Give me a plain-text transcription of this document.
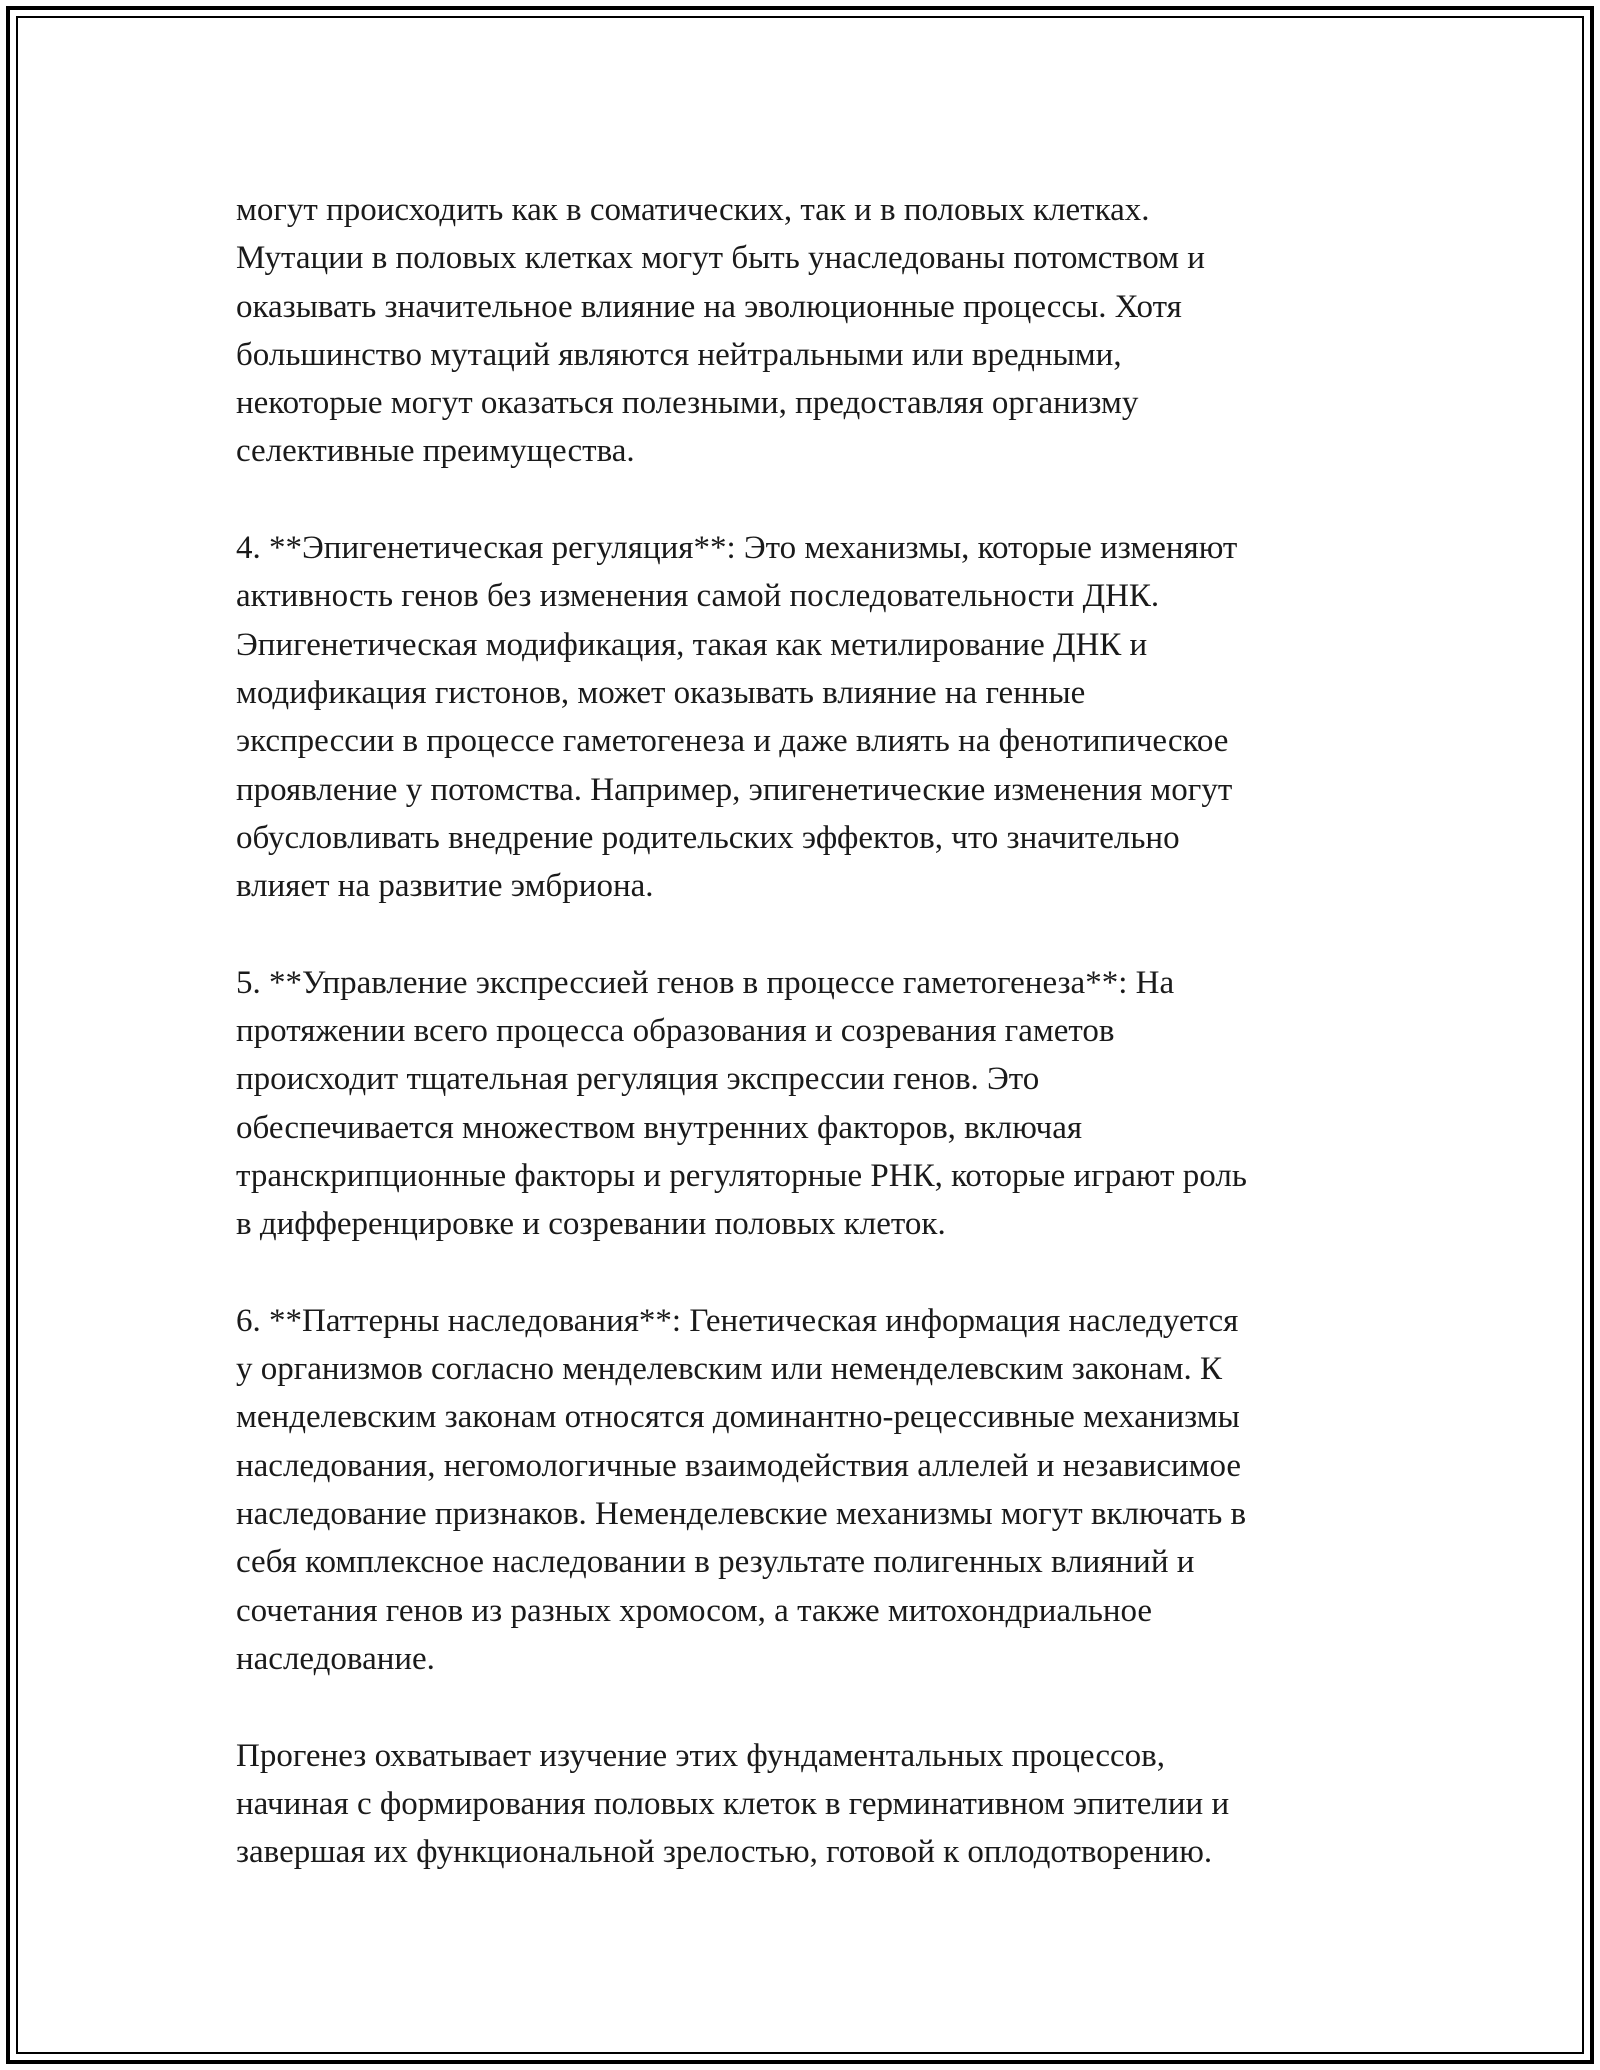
могут происходить как в соматических, так и в половых клетках.
Мутации в половых клетках могут быть унаследованы потомством и
оказывать значительное влияние на эволюционные процессы. Хотя
большинство мутаций являются нейтральными или вредными,
некоторые могут оказаться полезными, предоставляя организму
селективные преимущества.

4. **Эпигенетическая регуляция**: Это механизмы, которые изменяют
активность генов без изменения самой последовательности ДНК.
Эпигенетическая модификация, такая как метилирование ДНК и
модификация гистонов, может оказывать влияние на генные
экспрессии в процессе гаметогенеза и даже влиять на фенотипическое
проявление у потомства. Например, эпигенетические изменения могут
обусловливать внедрение родительских эффектов, что значительно
влияет на развитие эмбриона.

5. **Управление экспрессией генов в процессе гаметогенеза**: На
протяжении всего процесса образования и созревания гаметов
происходит тщательная регуляция экспрессии генов. Это
обеспечивается множеством внутренних факторов, включая
транскрипционные факторы и регуляторные РНК, которые играют роль
в дифференцировке и созревании половых клеток.

6. **Паттерны наследования**: Генетическая информация наследуется
у организмов согласно менделевским или неменделевским законам. К
менделевским законам относятся доминантно-рецессивные механизмы
наследования, негомологичные взаимодействия аллелей и независимое
наследование признаков. Неменделевские механизмы могут включать в
себя комплексное наследовании в результате полигенных влияний и
сочетания генов из разных хромосом, а также митохондриальное
наследование.

Прогенез охватывает изучение этих фундаментальных процессов,
начиная с формирования половых клеток в герминативном эпителии и
завершая их функциональной зрелостью, готовой к оплодотворению.
